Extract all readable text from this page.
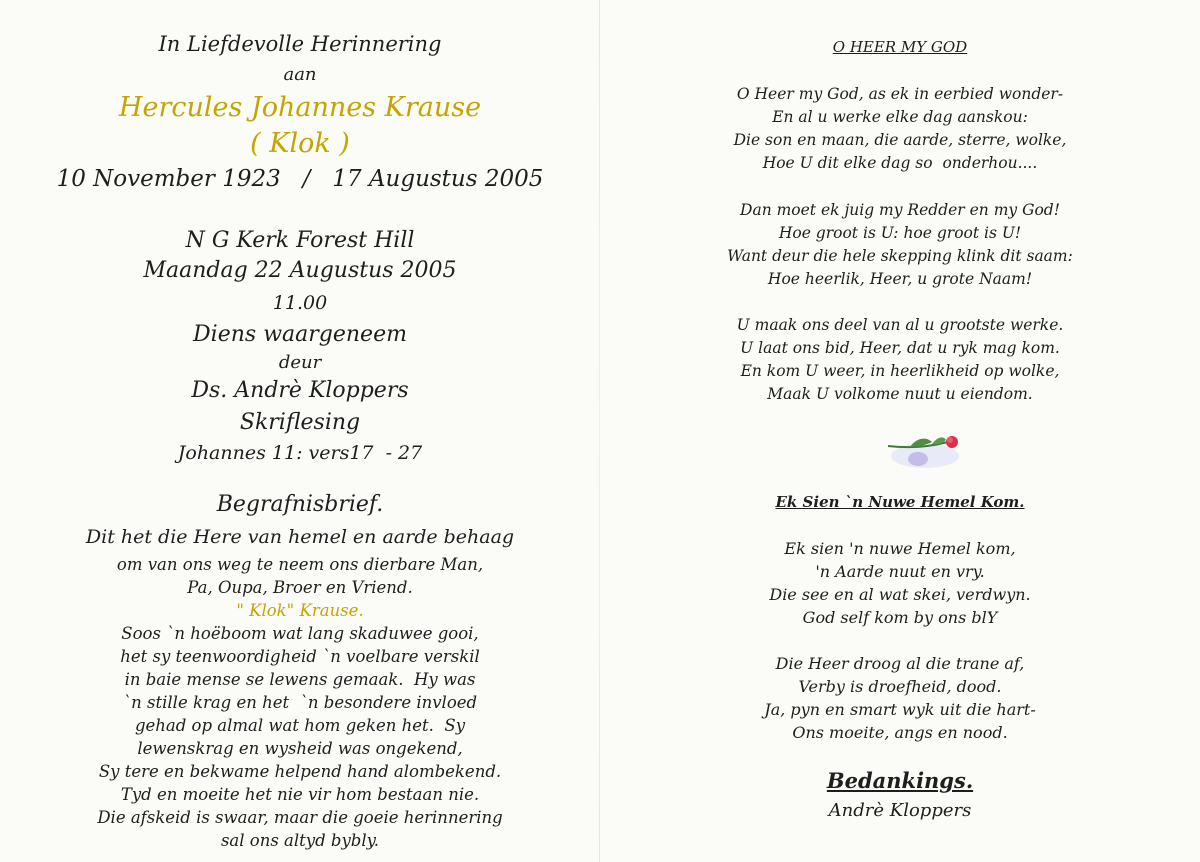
In Liefdevolle Herinnering
aan
Hercules Johannes Krause
( Klok )
10 November 1923   /   17 Augustus 2005
N G Kerk Forest Hill
Maandag 22 Augustus 2005
11.00
Diens waargeneem
deur
Ds. Andrè Kloppers
Skriflesing
Johannes 11: vers17  - 27
Begrafnisbrief.
Dit het die Here van hemel en aarde behaag
om van ons weg te neem ons dierbare Man,
Pa, Oupa, Broer en Vriend.
" Klok" Krause.
Soos `n hoëboom wat lang skaduwee gooi,
het sy teenwoordigheid `n voelbare verskil
in baie mense se lewens gemaak.  Hy was
`n stille krag en het  `n besondere invloed
gehad op almal wat hom geken het.  Sy
lewenskrag en wysheid was ongekend,
Sy tere en bekwame helpend hand alombekend.
Tyd en moeite het nie vir hom bestaan nie.
Die afskeid is swaar, maar die goeie herinnering
sal ons altyd bybly.
O HEER MY GOD
O Heer my God, as ek in eerbied wonder-
En al u werke elke dag aanskou:
Die son en maan, die aarde, sterre, wolke,
Hoe U dit elke dag so  onderhou....
Dan moet ek juig my Redder en my God!
Hoe groot is U: hoe groot is U!
Want deur die hele skepping klink dit saam:
Hoe heerlik, Heer, u grote Naam!
U maak ons deel van al u grootste werke.
U laat ons bid, Heer, dat u ryk mag kom.
En kom U weer, in heerlikheid op wolke,
Maak U volkome nuut u eiendom.
Ek Sien `n Nuwe Hemel Kom.
Ek sien 'n nuwe Hemel kom,
'n Aarde nuut en vry.
Die see en al wat skei, verdwyn.
God self kom by ons blY
Die Heer droog al die trane af,
Verby is droefheid, dood.
Ja, pyn en smart wyk uit die hart-
Ons moeite, angs en nood.
Bedankings.
Andrè Kloppers
